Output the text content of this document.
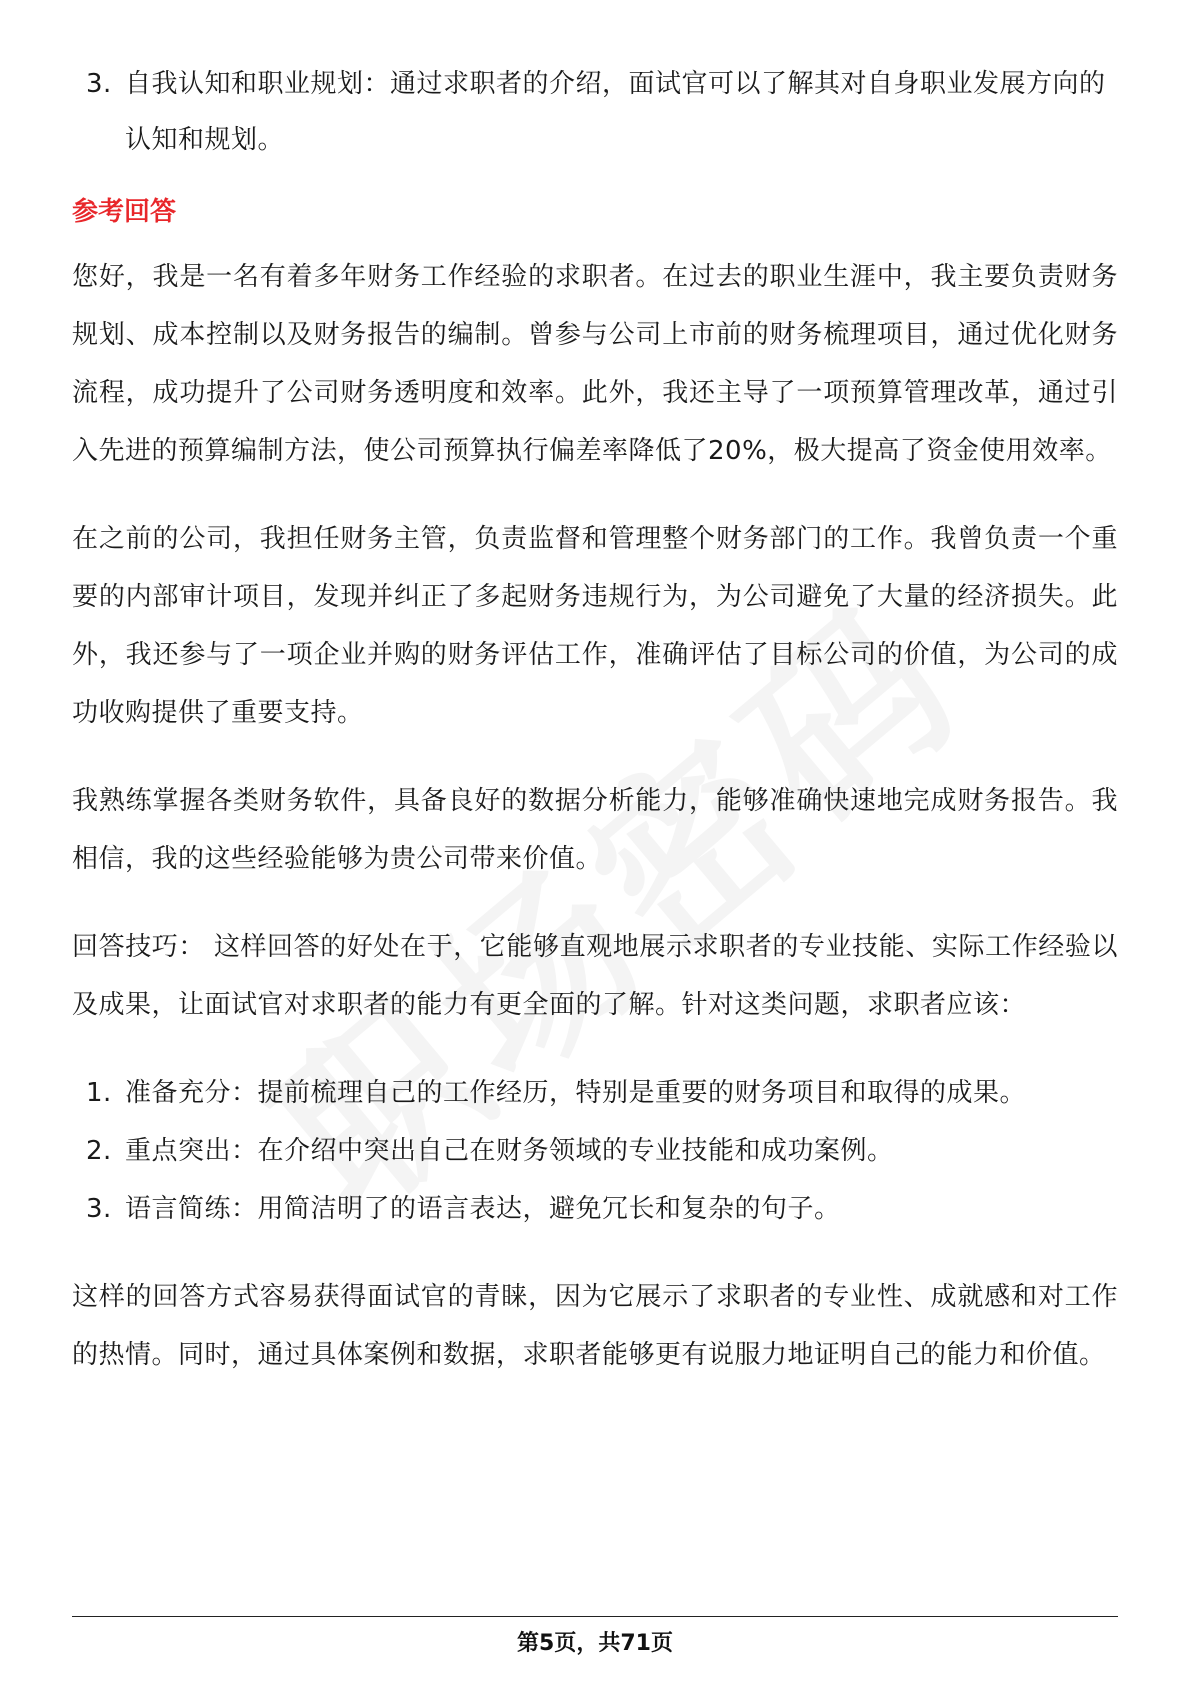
3. 自我认知和职业规划：通过求职者的介绍，面试官可以了解其对自身职业发展方向的认知和规划。
参考回答

您好，我是一名有着多年财务工作经验的求职者。在过去的职业生涯中，我主要负责财务规划、成本控制以及财务报告的编制。曾参与公司上市前的财务梳理项目，通过优化财务流程，成功提升了公司财务透明度和效率。此外，我还主导了一项预算管理改革，通过引入先进的预算编制方法，使公司预算执行偏差率降低了20%，极大提高了资金使用效率。

在之前的公司，我担任财务主管，负责监督和管理整个财务部门的工作。我曾负责一个重要的内部审计项目，发现并纠正了多起财务违规行为，为公司避免了大量的经济损失。此外，我还参与了一项企业并购的财务评估工作，准确评估了目标公司的价值，为公司的成功收购提供了重要支持。

我熟练掌握各类财务软件，具备良好的数据分析能力，能够准确快速地完成财务报告。我相信，我的这些经验能够为贵公司带来价值。

回答技巧： 这样回答的好处在于，它能够直观地展示求职者的专业技能、实际工作经验以及成果，让面试官对求职者的能力有更全面的了解。针对这类问题，求职者应该：

1. 准备充分：提前梳理自己的工作经历，特别是重要的财务项目和取得的成果。
2. 重点突出：在介绍中突出自己在财务领域的专业技能和成功案例。
3. 语言简练：用简洁明了的语言表达，避免冗长和复杂的句子。

这样的回答方式容易获得面试官的青睐，因为它展示了求职者的专业性、成就感和对工作的热情。同时，通过具体案例和数据，求职者能够更有说服力地证明自己的能力和价值。

第5页，共71页
